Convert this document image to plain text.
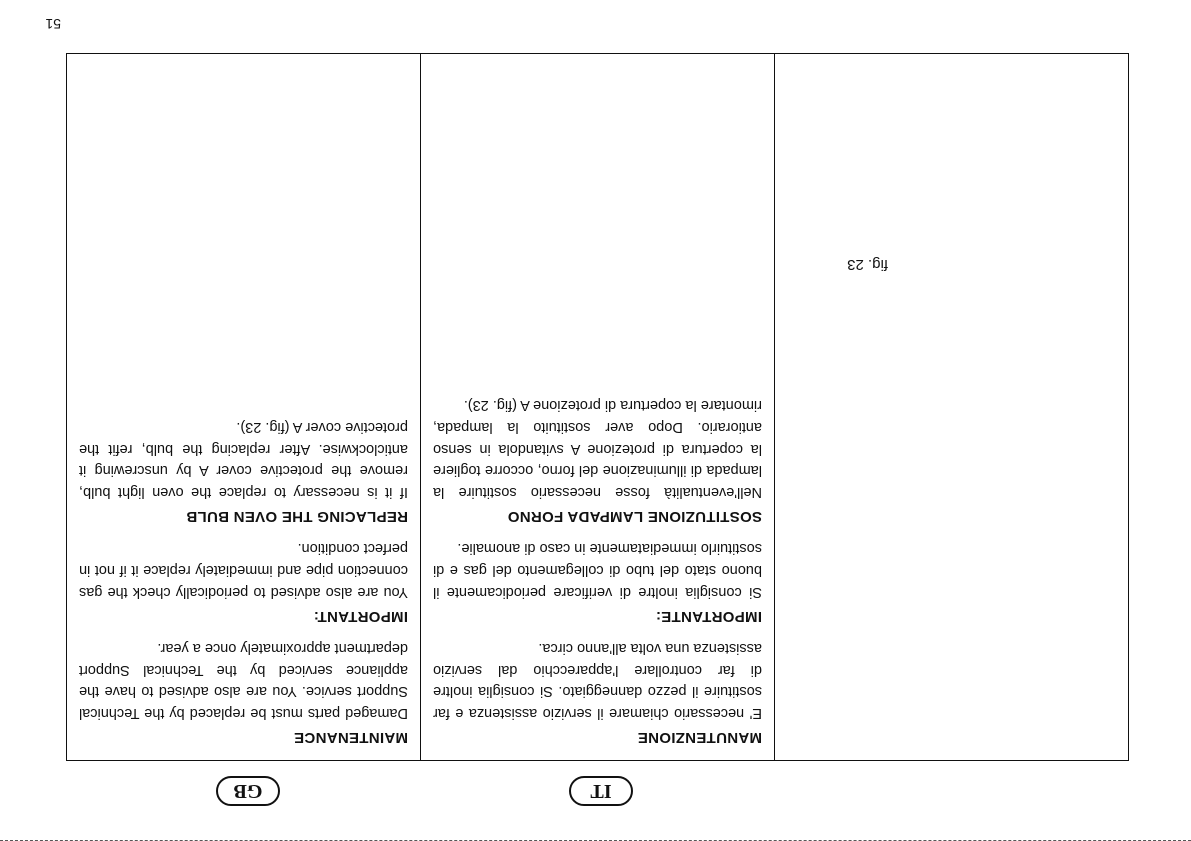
51
fig. 23
MANUTENZIONE

E' necessario chiamare il servizio assistenza e far sostituire il pezzo danneggiato. Si consiglia inoltre di far controllare l'apparecchio dal servizio assistenza una volta all'anno circa.

IMPORTANTE:

Si consiglia inoltre di verificare periodicamente il buono stato del tubo di collegamento del gas e di sostituirlo immediatamente in caso di anomalie.

SOSTITUZIONE LAMPADA FORNO

Nell'eventualità fosse necessario sostituire la lampada di illuminazione del forno, occorre togliere la copertura di protezione A svitandola in senso antiorario. Dopo aver sostituito la lampada, rimontare la copertura di protezione A (fig. 23).

MAINTENANCE

Damaged parts must be replaced by the Technical Support service. You are also advised to have the appliance serviced by the Technical Support department approximately once a year.

IMPORTANT:

You are also advised to periodically check the gas connection pipe and immediately replace it if not in perfect condition.

REPLACING THE OVEN BULB

If it is necessary to replace the oven light bulb, remove the protective cover A by unscrewing it anticlockwise. After replacing the bulb, refit the protective cover A (fig. 23).

IT
GB
